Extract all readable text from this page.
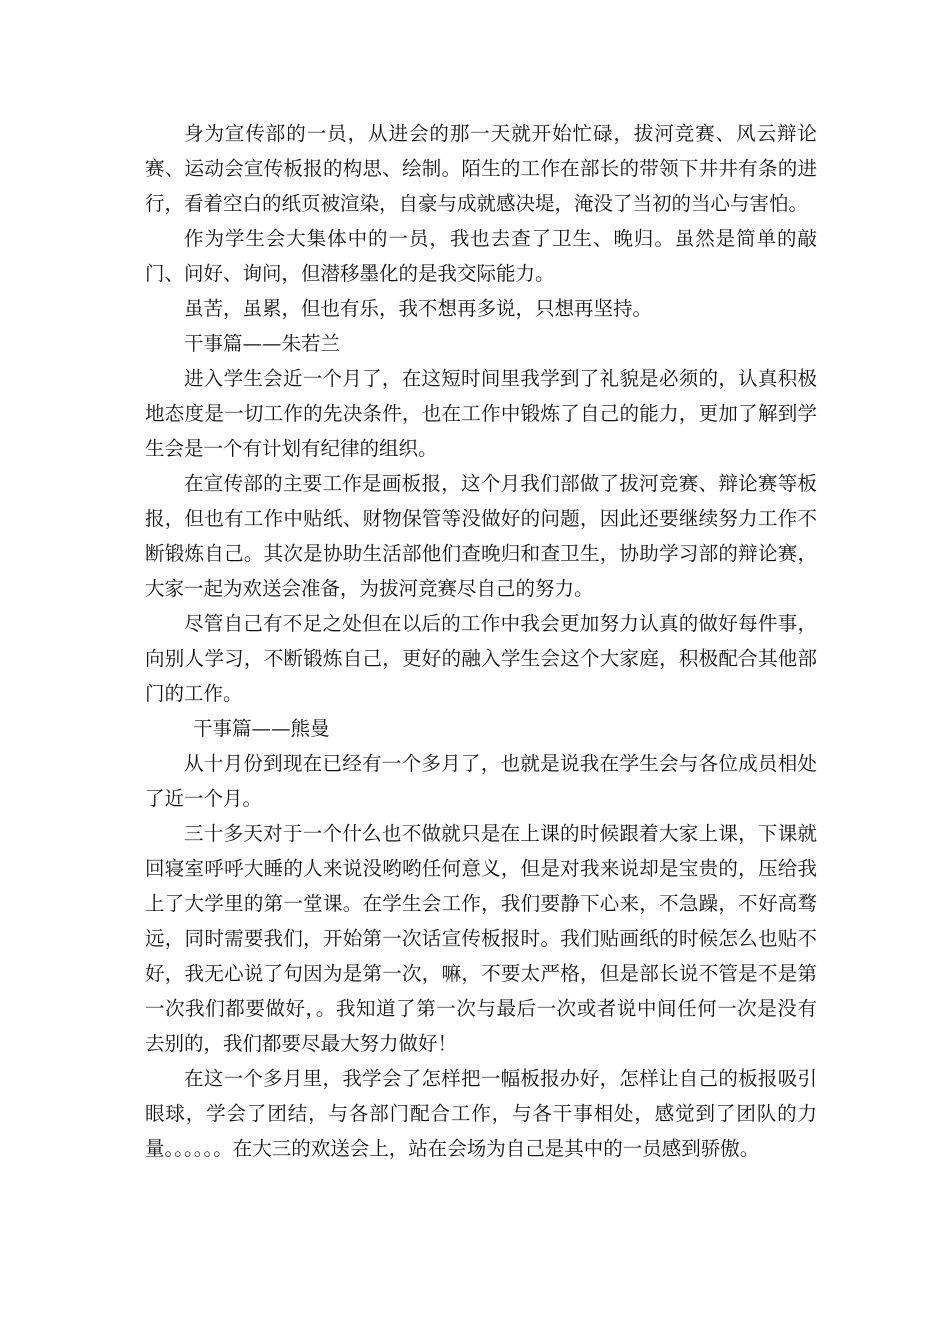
身为宣传部的一员，从进会的那一天就开始忙碌，拔河竞赛、风云辩论赛、运动会宣传板报的构思、绘制。陌生的工作在部长的带领下井井有条的进行，看着空白的纸页被渲染，自豪与成就感决堤，淹没了当初的当心与害怕。

作为学生会大集体中的一员，我也去查了卫生、晚归。虽然是简单的敲门、问好、询问，但潜移墨化的是我交际能力。

虽苦，虽累，但也有乐，我不想再多说，只想再坚持。

干事篇——朱若兰

进入学生会近一个月了，在这短时间里我学到了礼貌是必须的，认真积极地态度是一切工作的先决条件，也在工作中锻炼了自己的能力，更加了解到学生会是一个有计划有纪律的组织。

在宣传部的主要工作是画板报，这个月我们部做了拔河竞赛、辩论赛等板报，但也有工作中贴纸、财物保管等没做好的问题，因此还要继续努力工作不断锻炼自己。其次是协助生活部他们查晚归和查卫生，协助学习部的辩论赛，大家一起为欢送会准备，为拔河竞赛尽自己的努力。

尽管自己有不足之处但在以后的工作中我会更加努力认真的做好每件事，向别人学习，不断锻炼自己，更好的融入学生会这个大家庭，积极配合其他部门的工作。

干事篇——熊曼

从十月份到现在已经有一个多月了，也就是说我在学生会与各位成员相处了近一个月。

三十多天对于一个什么也不做就只是在上课的时候跟着大家上课，下课就回寝室呼呼大睡的人来说没哟哟任何意义，但是对我来说却是宝贵的，压给我上了大学里的第一堂课。在学生会工作，我们要静下心来，不急躁，不好高骛远，同时需要我们，开始第一次话宣传板报时。我们贴画纸的时候怎么也贴不好，我无心说了句因为是第一次，嘛，不要太严格，但是部长说不管是不是第一次我们都要做好，。我知道了第一次与最后一次或者说中间任何一次是没有去别的，我们都要尽最大努力做好！

在这一个多月里，我学会了怎样把一幅板报办好，怎样让自己的板报吸引眼球，学会了团结，与各部门配合工作，与各干事相处，感觉到了团队的力量。。。。。。在大三的欢送会上，站在会场为自己是其中的一员感到骄傲。
